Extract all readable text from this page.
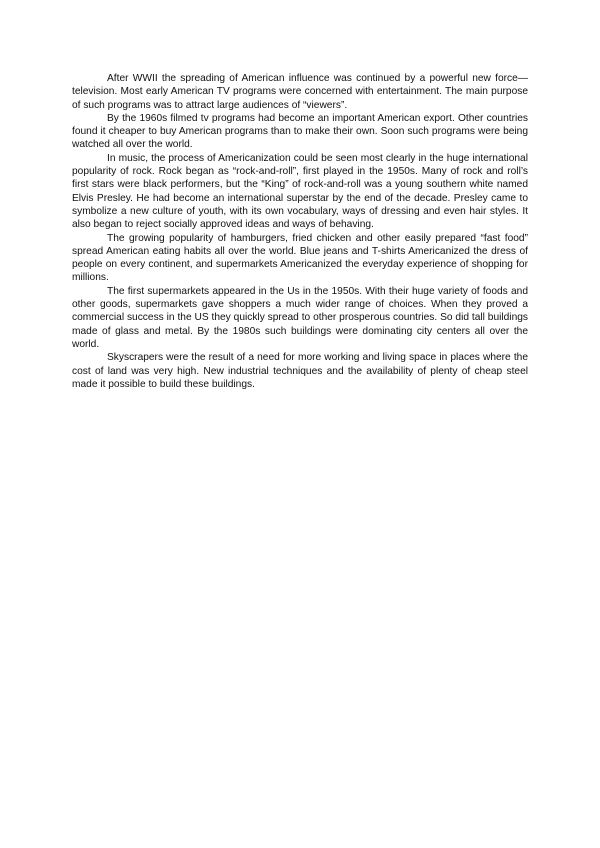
After WWII the spreading of American influence was continued by a powerful new force—television. Most early American TV programs were concerned with entertainment. The main purpose of such programs was to attract large audiences of “viewers”.

By the 1960s filmed tv programs had become an important American export. Other countries found it cheaper to buy American programs than to make their own. Soon such programs were being watched all over the world.

In music, the process of Americanization could be seen most clearly in the huge international popularity of rock. Rock began as “rock-and-roll”, first played in the 1950s. Many of rock and roll’s first stars were black performers, but the “King” of rock-and-roll was a young southern white named Elvis Presley. He had become an international superstar by the end of the decade. Presley came to symbolize a new culture of youth, with its own vocabulary, ways of dressing and even hair styles. It also began to reject socially approved ideas and ways of behaving.

The growing popularity of hamburgers, fried chicken and other easily prepared “fast food” spread American eating habits all over the world. Blue jeans and T-shirts Americanized the dress of people on every continent, and supermarkets Americanized the everyday experience of shopping for millions.

The first supermarkets appeared in the Us in the 1950s. With their huge variety of foods and other goods, supermarkets gave shoppers a much wider range of choices. When they proved a commercial success in the US they quickly spread to other prosperous countries. So did tall buildings made of glass and metal. By the 1980s such buildings were dominating city centers all over the world.

Skyscrapers were the result of a need for more working and living space in places where the cost of land was very high. New industrial techniques and the availability of plenty of cheap steel made it possible to build these buildings.
